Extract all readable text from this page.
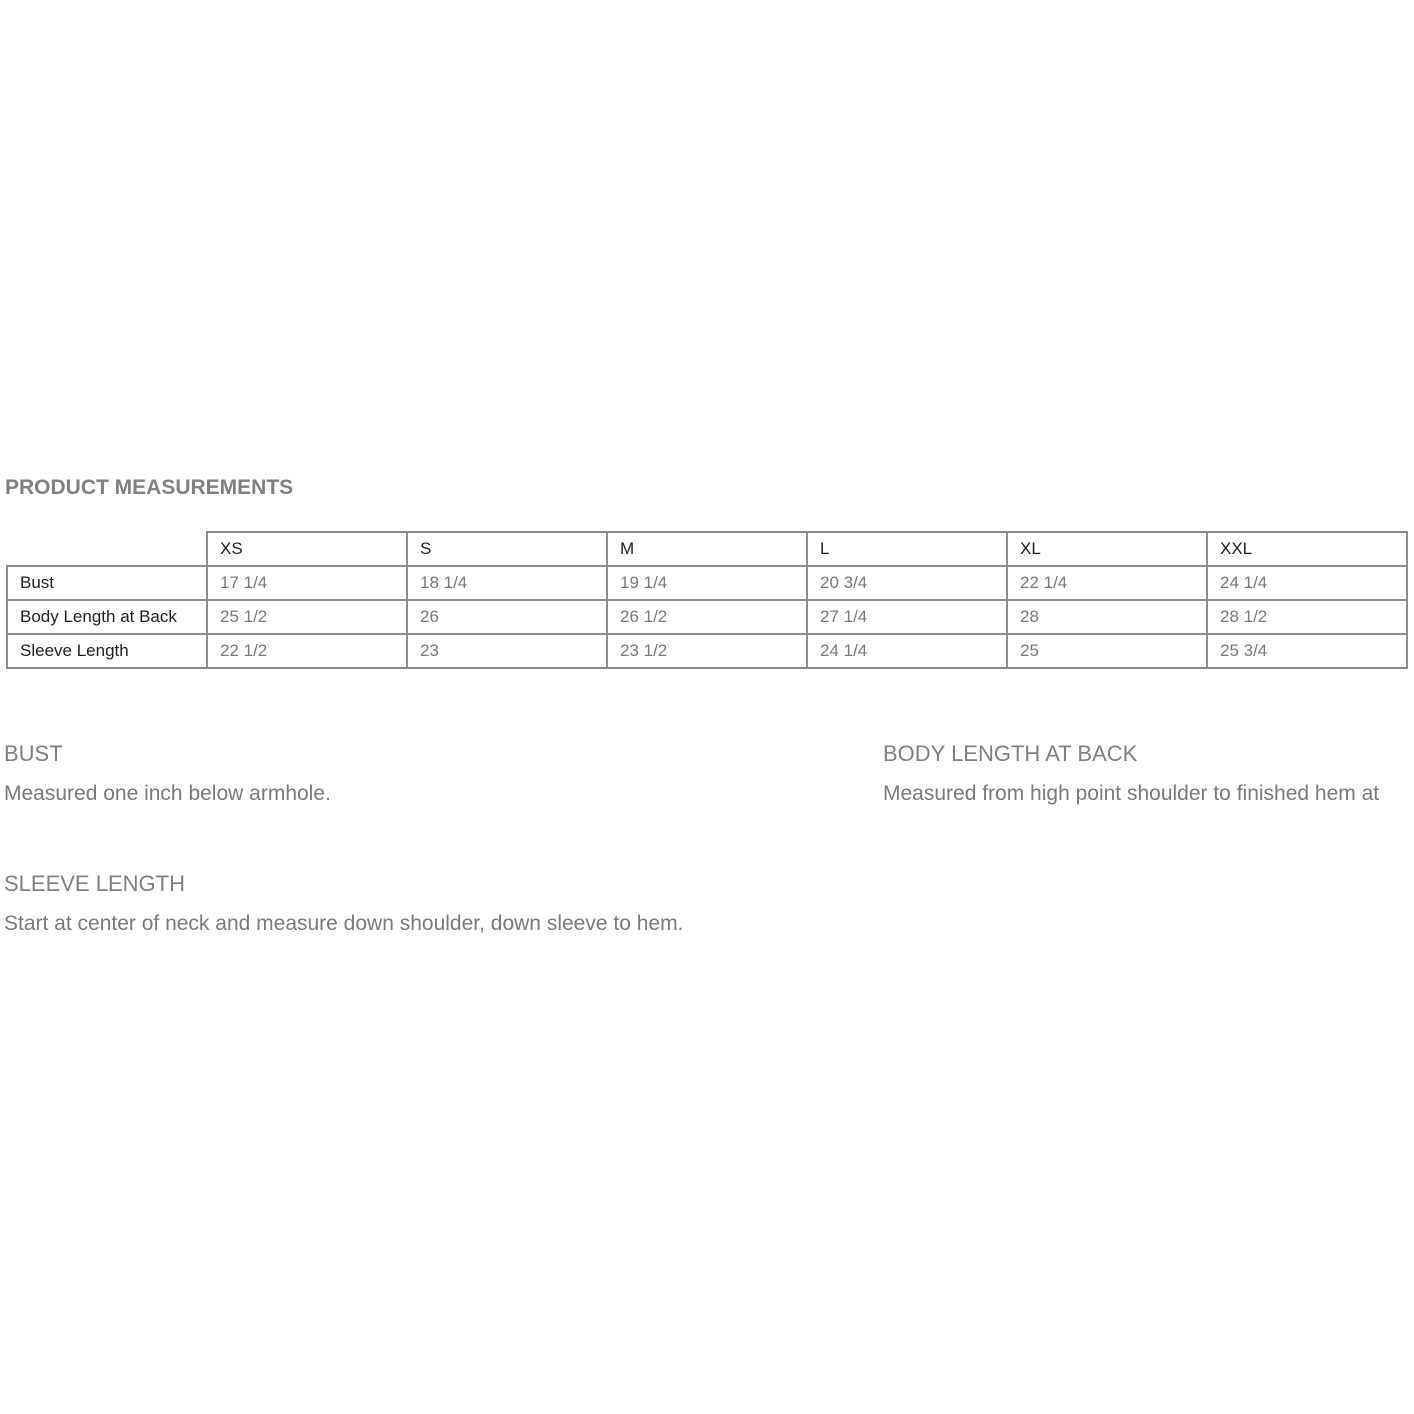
PRODUCT MEASUREMENTS
	XS	S	M	L	XL	XXL
Bust	17 1/4	18 1/4	19 1/4	20 3/4	22 1/4	24 1/4
Body Length at Back	25 1/2	26	26 1/2	27 1/4	28	28 1/2
Sleeve Length	22 1/2	23	23 1/2	24 1/4	25	25 3/4
BUST
Measured one inch below armhole.
BODY LENGTH AT BACK
Measured from high point shoulder to finished hem at
SLEEVE LENGTH
Start at center of neck and measure down shoulder, down sleeve to hem.
